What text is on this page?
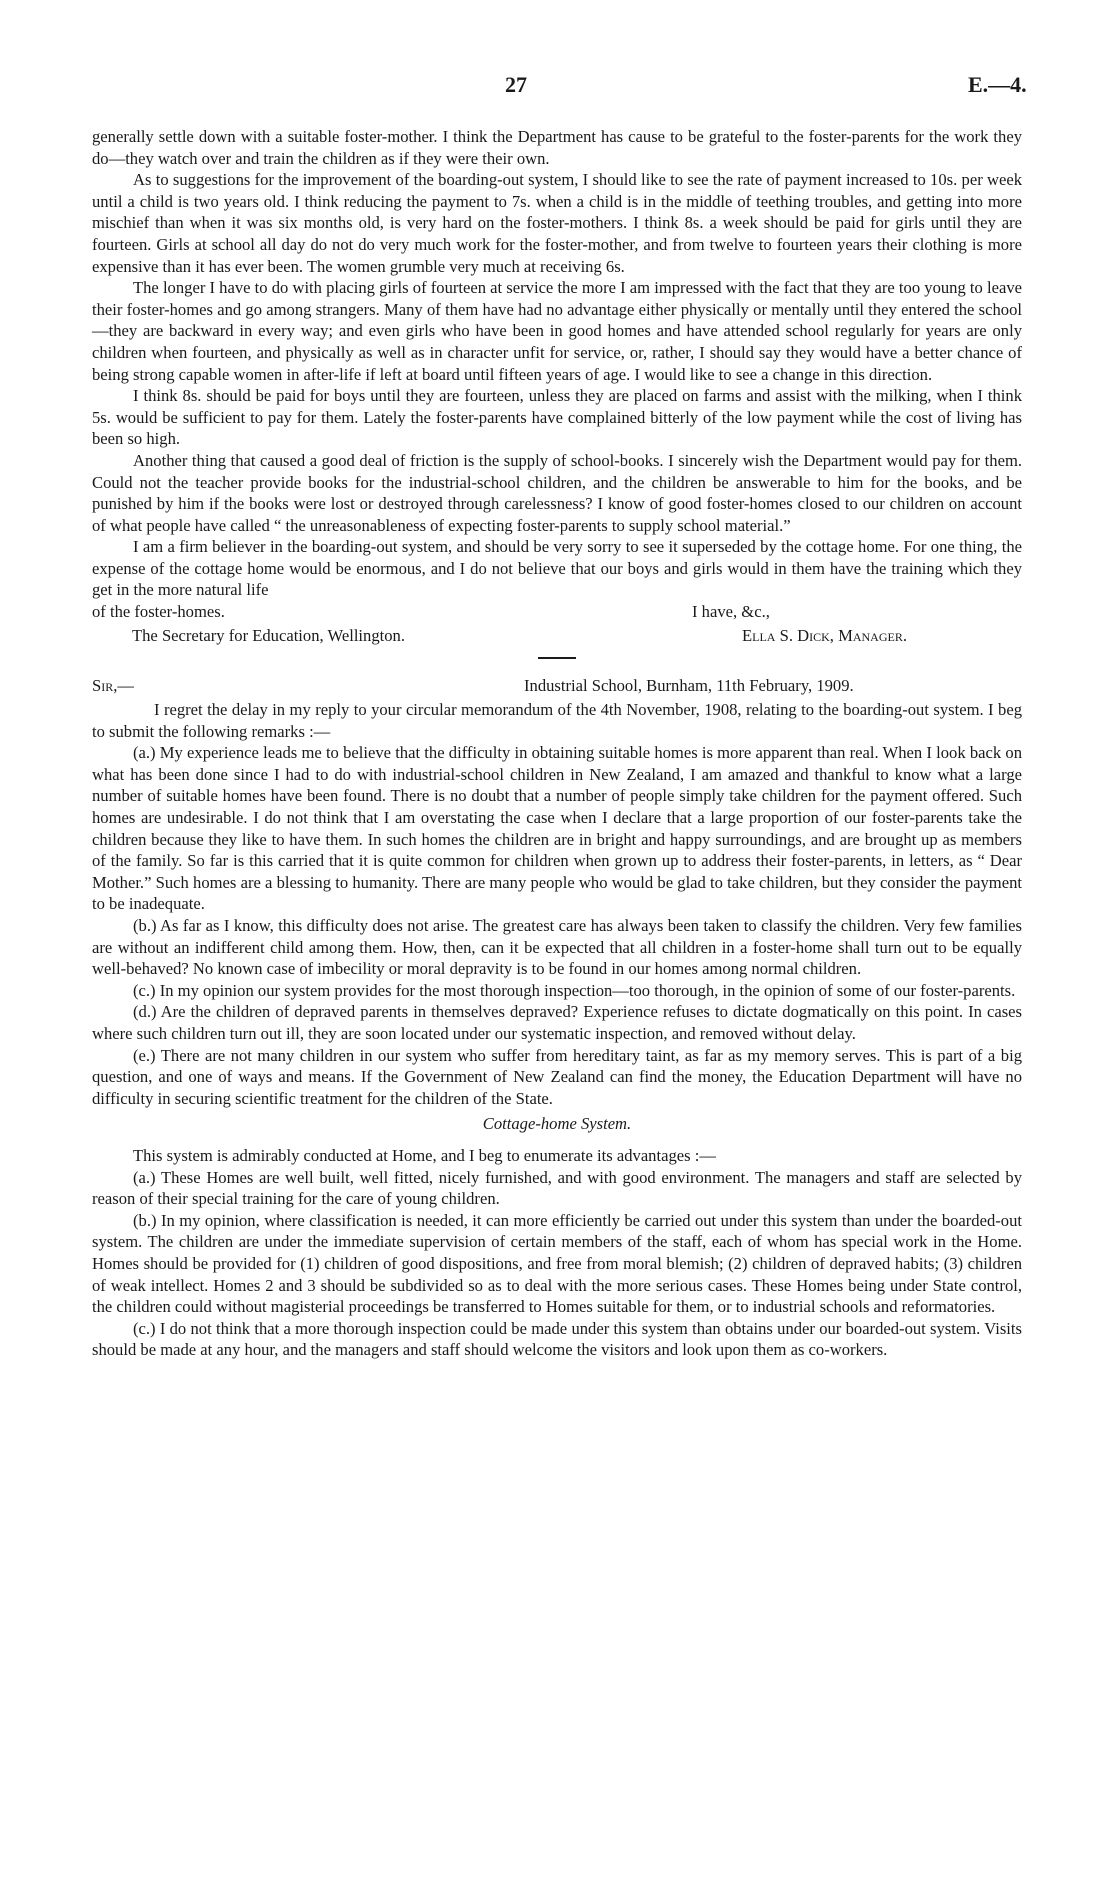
27	E.—4.

generally settle down with a suitable foster-mother. I think the Department has cause to be grateful to the foster-parents for the work they do—they watch over and train the children as if they were their own.

As to suggestions for the improvement of the boarding-out system, I should like to see the rate of payment increased to 10s. per week until a child is two years old. I think reducing the payment to 7s. when a child is in the middle of teething troubles, and getting into more mischief than when it was six months old, is very hard on the foster-mothers. I think 8s. a week should be paid for girls until they are fourteen. Girls at school all day do not do very much work for the foster-mother, and from twelve to fourteen years their clothing is more expensive than it has ever been. The women grumble very much at receiving 6s.

The longer I have to do with placing girls of fourteen at service the more I am impressed with the fact that they are too young to leave their foster-homes and go among strangers. Many of them have had no advantage either physically or mentally until they entered the school—they are backward in every way; and even girls who have been in good homes and have attended school regularly for years are only children when fourteen, and physically as well as in character unfit for service, or, rather, I should say they would have a better chance of being strong capable women in after-life if left at board until fifteen years of age. I would like to see a change in this direction.

I think 8s. should be paid for boys until they are fourteen, unless they are placed on farms and assist with the milking, when I think 5s. would be sufficient to pay for them. Lately the foster-parents have complained bitterly of the low payment while the cost of living has been so high.

Another thing that caused a good deal of friction is the supply of school-books. I sincerely wish the Department would pay for them. Could not the teacher provide books for the industrial-school children, and the children be answerable to him for the books, and be punished by him if the books were lost or destroyed through carelessness? I know of good foster-homes closed to our children on account of what people have called “ the unreasonableness of expecting foster-parents to supply school material.”

I am a firm believer in the boarding-out system, and should be very sorry to see it superseded by the cottage home. For one thing, the expense of the cottage home would be enormous, and I do not believe that our boys and girls would in them have the training which they get in the more natural life

of the foster-homes.	I have, &c.,
The Secretary for Education, Wellington.	Ella S. Dick, Manager.
Sir,—	Industrial School, Burnham, 11th February, 1909.

I regret the delay in my reply to your circular memorandum of the 4th November, 1908, relating to the boarding-out system. I beg to submit the following remarks :—

(a.) My experience leads me to believe that the difficulty in obtaining suitable homes is more apparent than real. When I look back on what has been done since I had to do with industrial-school children in New Zealand, I am amazed and thankful to know what a large number of suitable homes have been found. There is no doubt that a number of people simply take children for the payment offered. Such homes are undesirable. I do not think that I am overstating the case when I declare that a large proportion of our foster-parents take the children because they like to have them. In such homes the children are in bright and happy surroundings, and are brought up as members of the family. So far is this carried that it is quite common for children when grown up to address their foster-parents, in letters, as “ Dear Mother.” Such homes are a blessing to humanity. There are many people who would be glad to take children, but they consider the payment to be inadequate.

(b.) As far as I know, this difficulty does not arise. The greatest care has always been taken to classify the children. Very few families are without an indifferent child among them. How, then, can it be expected that all children in a foster-home shall turn out to be equally well-behaved? No known case of imbecility or moral depravity is to be found in our homes among normal children.

(c.) In my opinion our system provides for the most thorough inspection—too thorough, in the opinion of some of our foster-parents.

(d.) Are the children of depraved parents in themselves depraved? Experience refuses to dictate dogmatically on this point. In cases where such children turn out ill, they are soon located under our systematic inspection, and removed without delay.

(e.) There are not many children in our system who suffer from hereditary taint, as far as my memory serves. This is part of a big question, and one of ways and means. If the Government of New Zealand can find the money, the Education Department will have no difficulty in securing scientific treatment for the children of the State.

Cottage-home System.

This system is admirably conducted at Home, and I beg to enumerate its advantages :—

(a.) These Homes are well built, well fitted, nicely furnished, and with good environment. The managers and staff are selected by reason of their special training for the care of young children.

(b.) In my opinion, where classification is needed, it can more efficiently be carried out under this system than under the boarded-out system. The children are under the immediate supervision of certain members of the staff, each of whom has special work in the Home. Homes should be provided for (1) children of good dispositions, and free from moral blemish; (2) children of depraved habits; (3) children of weak intellect. Homes 2 and 3 should be subdivided so as to deal with the more serious cases. These Homes being under State control, the children could without magisterial proceedings be transferred to Homes suitable for them, or to industrial schools and reformatories.

(c.) I do not think that a more thorough inspection could be made under this system than obtains under our boarded-out system. Visits should be made at any hour, and the managers and staff should welcome the visitors and look upon them as co-workers.
